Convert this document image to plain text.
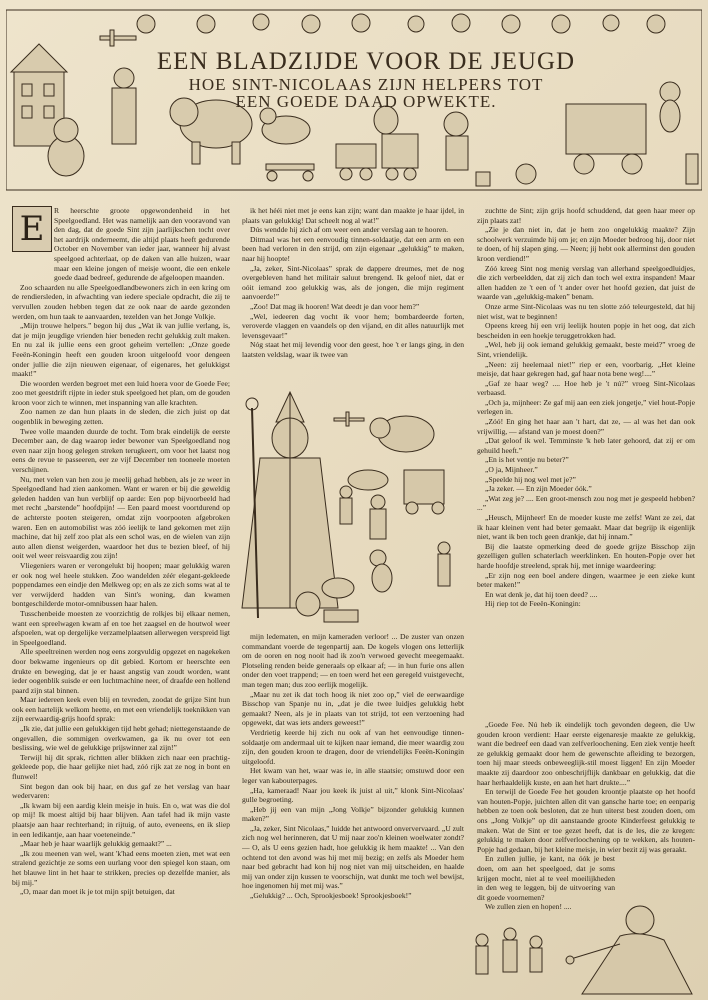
EEN BLADZIJDE VOOR DE JEUGD
HOE SINT-NICOLAAS ZIJN HELPERS TOT
EEN GOEDE DAAD OPWEKTE.
E	R heerschte groote opgewondenheid in het Speelgoedland. Het was namelijk aan den vooravond van den dag, dat de goede Sint zijn jaarlijkschen tocht over het aardrijk onderneemt, die altijd plaats heeft gedurende October en November van ieder jaar, wanneer hij alvast speelgoed achterlaat, op de daken van alle huizen, waar maar een kleine jongen of meisje woont, die een enkele goede daad bedreef, gedurende de afgeloopen maanden.

Zoo schaarden nu alle Speelgoedlandbewoners zich in een kring om de rendiersleden, in afwachting van iedere speciale opdracht, die zij te vervullen zouden hebben tegen dat ze ook naar de aarde gezonden werden, om hun taak te aanvaarden, tezelden van het Jonge Volkje.

„Mijn trouwe helpers.” begon hij dus „Wat ik van jullie verlang, is, dat je mijn jeugdige vrienden hier beneden recht gelukkig zult maken. En nu zal ik jullie eens een groot geheim vertellen: „Onze goede Feeën-Koningin heeft een gouden kroon uitgeloofd voor dengeen onder jullie die zijn nieuwen eigenaar, of eigenares, het gelukkigst maakt!”

Die woorden werden begroet met een luid hoera voor de Goede Fee; zoo met geestdrift rijpte in ieder stuk speelgoed het plan, om de gouden kroon voor zich te winnen, met inspanning van alle krachten.

Zoo namen ze dan hun plaats in de sleden, die zich juist op dat oogenblik in beweging zetten.

Twee volle maanden duurde de tocht. Tom brak eindelijk de eerste December aan, de dag waarop ieder bewoner van Speelgoedland nog even naar zijn hoog gelegen streken terugkeert, om voor het laatst nog eens de revue te passeeren, eer ze vijf December ten tooneele moeten verschijnen.

Nu, met velen van hen zou je meelij gehad hebben, als je ze weer in Speelgoedland had zien aankomen. Want er waren er bij die geweldig geleden hadden van hun verblijf op aarde: Een pop bijvoorbeeld had met recht „barstende” hoofdpijn! — Een paard moest voortdurend op de achterste pooten steigeren, omdat zijn voorpooten afgebroken waren. Een en automobilist was zóó ieelijk te land gekomen met zijn machine, dat hij zelf zoo plat als een schol was, en de wielen van zijn auto allen dienst weigerden, waardoor het dus te bezien bleef, of hij ooit wel weer reisvaardig zou zijn!

Vliegeniers waren er verongelukt bij hoopen; maar gelukkig waren er ook nog wel heele stukken. Zoo wandelden zéér elegant-gekleede poppendames een eindje den Melkweg op; en als ze zich soms wat al te ver verwijderd hadden van Sint's woning, dan kwamen bontgeschilderde motor-omnibussen haar halen.

Tusschenbeide moesten ze voorzichtig de rolkjes bij elkaar nemen, want een spreelwagen kwam af en toe het zaagsel en de houtwol weer afspoelen, wat op dergelijke verzamelplaatsen allerwegen verspreid ligt in Speelgoedland.

Alle speeltreinen werden nog eens zorgvuldig opgezet en nagekeken door bekwame ingenieurs op dit gebied. Kortom er heerschte een drukte en beweging, dat je er haast angstig van zoudt worden, want ieder oogenblik suisde er een luchtmachine neer, of draafde een hollend paard zijn stal binnen.

Maar iedereen keek even blij en tevreden, zoodat de grijze Sint hun ook een hartelijk welkom heette, en met een vriendelijk toeknikken van zijn eerwaardig-grijs hoofd sprak:

„Ik zie, dat jullie een gelukkigen tijd hebt gehad; niettegenstaande de ongevallen, die sommigen overkwamen, ga ik nu over tot een beslissing, wie wel de gelukkige prijswinner zal zijn!”

Terwijl hij dit sprak, richtten aller blikken zich naar een prachtig-gekleede pop, die haar gelijke niet had, zóó rijk zat ze nog in bont en flunwel!

Sint begon dan ook bij haar, en dus gaf ze het verslag van haar wedervaren:

„Ik kwam bij een aardig klein meisje in huis. En o, wat was die dol op mij! Ik moest altijd bij haar blijven. Aan tafel had ik mijn vaste plaatsje aan haar rechterhand; in rijtuig, of auto, eveneens, en ik sliep in een ledikantje, aan haar voeteneinde.”

„Maar heb je haar waarlijk gelukkig gemaakt?” ...

„Ik zou meenen van wel, want 'k'had eens moeten zien, met wat een stralend gezichtje ze soms een uurlang voor den spiegel kon staan, om het blauwe lint in het haar te strikken, precies op dezelfde manier, als bij mij.”

„O, maar dan moet ik je tot mijn spijt betuigen, dat

ik het hééi niet met je eens kan zijn; want dan maakte je haar ijdel, in plaats van gelukkig! Dat scheelt nog al wat!”

Dús wendde hij zich af om weer een ander verslag aan te hooren.

Ditmaal was het een eenvoudig tinnen-soldaatje, dat een arm en een been had verloren in den strijd, om zijn eigenaar „gelukkig” te maken, naar hij hoopte!

„Ja, zeker, Sint-Nicolaas” sprak de dappere dreumes, met de nog overgebleven hand het militair saluut brengend. Ik geloof niet, dat er oóit iemand zoo gelukkig was, als de jongen, die mijn regiment aanvoerde!”

„Zoo! Dat mag ik hooren! Wat deedt je dan voor hem?”

„Wel, iedeeren dag vocht ik voor hem; bombardeerde forten, veroverde vlaggen en vaandels op den vijand, en dit alles natuurlijk met levensgevaar!”

Nóg staat het mij levendig voor den geest, hoe 't er langs ging, in den laatsten veldslag, waar ik twee van

mijn ledematen, en mijn kameraden verloor! ... De zuster van onzen commandant voerde de tegenpartij aan. De kogels vlogen ons letterlijk om de ooren en nog nooit had ik zoo'n verwoed gevecht meegemaakt. Plotseling renden beide generaals op elkaar af; — in hun furie ons allen onder den voet trappend; — en toen werd het een geregeld vuistgevecht, man tegen man; dus zoo eerlijk mogelijk.

„Maar nu zet ik dat toch hoog ik niet zoo op,” viel de eerwaardige Bisschop van Spanje nu in, „dat je die twee luidjes gelukkig hebt gemaakt? Neen, als je in plaats van tot strijd, tot een verzoening had opgewekt, dat was iets anders geweest!”

Verdrietig keerde hij zich nu ook af van het eenvoudige tinnen-soldaatje om andermaal uit te kijken naar iemand, die meer waardig zou zijn, den gouden kroon te dragen, door de vriendelijks Feeën-Koningin uitgeloofd.

Het kwam van het, waar was ie, in alle staatsie; omstuwd door een leger van kabouterpages.

„Ha, kameraad! Naar jou keek ik juist al uit,” klonk Sint-Nicolaas' gulle begroeting.

„Heb jij een van mijn „Jong Volkje” bijzonder gelukkig kunnen maken?”

„Ja, zeker, Sint Nicolaas,” luidde het antwoord onververvaard. „U zult zich nog wel herinneren, dat U mij naar zoo'n kleinen woelwater zondt? — O, als U eens gezien hadt, hoe gelukkig ik hem maakte! ... Van den ochtend tot den avond was hij met mij bezig; en zelfs als Moeder hem naar bed gebracht had kon hij nog niet van mij uitscheiden, en haalde mij van onder zijn kussen te voorschijn, wat dunkt me toch wel bewijst, hoe ingenomen hij met mij was.”

„Gelukkig? ... Och, Sprookjesboek! Sprookjesboek!”

zuchtte de Sint; zijn grijs hoofd schuddend, dat geen haar meer op zijn plaats zat!

„Zie je dan niet in, dat je hem zoo ongelukkig maakte? Zijn schoolwerk verzuimde hij om je; en zijn Moeder bedroog hij, door niet te doen, of hij slapen ging. — Neen; jij hebt ook allerminst den gouden kroon verdiend!”

Zóó kreeg Sint nog menig verslag van allerhand speelgoedluidjes, die zich verbeeldden, dat zij zich dan toch wel extra inspanden! Maar allen hadden ze 't een of 't ander over het hoofd gezien, dat juist de waarde van „gelukkig-maken” benam.

Onze arme Sint-Nicolaas was nu ten slotte zóó teleurgesteld, dat hij niet wist, wat te beginnen!

Opeens kreeg hij een vrij leelijk houten popje in het oog, dat zich bescheiden in een hoekje teruggetrokken had.

„Wel, heb jij ook iemand gelukkig gemaakt, beste meid?” vroeg de Sint, vriendelijk.

„Neen: zij heelemaal niet!” riep er een, voorbarig. „Het kleine meisje, dat haar gekregen had, gaf haar nota bene weg!....”

„Gaf ze haar weg? .... Hoe heb je 't nú?” vroeg Sint-Nicolaas verbaasd.

„Och ja, mijnheer: Ze gaf mij aan een ziek jongetje,” viel hout-Popje verlegen in.

„Zóó! En ging het haar aan 't hart, dat ze, — al was het dan ook vrijwillig, — afstand van je moest doen?”

„Dat geloof ik wel. Temminste 'k heb later gehoord, dat zij er om gehuild heeft.”

„En is het ventje nu beter?”

„O ja, Mijnheer.”

„Speelde hij nog wel met je?”

„Ja zeker. — En zijn Moeder óók.”

„Wat zeg je? .... Een groot-mensch zou nog met je gespeeld hebben? ...”

„Heusch, Mijnheer! En de moeder kuste me zelfs! Want ze zei, dat ik haar kleinen vent had beter gemaakt. Maar dat begrijp ik eigenlijk niet, want ik ben toch geen drankje, dat hij innam.”

Bij die laatste opmerking deed de goede grijze Bisschop zijn gezelligen gullen schaterlach weerklinken. En houten-Popje over het harde hoofdje streelend, sprak hij, met innige waardeering:

„Er zijn nog een boel andere dingen, waarmee je een zieke kunt beter maken!”

En wat denk je, dat hij toen deed? ....

Hij riep tot de Feeën-Koningin:

„Goede Fee. Nú heb ik eindelijk toch gevonden degeen, die Uw gouden kroon verdient: Haar eerste eigenaresje maakte ze gelukkig, want die bedreef een daad van zelfverloochening. Een ziek ventje heeft ze gelukkig gemaakt door hem de gewenschte afleiding te bezorgen, toen hij maar steeds onbeweeglijk-stil moest liggen! En zijn Moeder maakte zij daardoor zoo onbeschrijflijk dankbaar en gelukkig, dat die haar herhaaldelijk kuste, en aan het hart drukte....”

En terwijl de Goede Fee het gouden kroontje plaatste op het hoofd van houten-Popje, juichten allen dit van gansche harte toe; en eenparig hebben ze toen ook besloten, dat ze hun uiterst best zouden doen, om ons „Jong Volkje” op dit aanstaande groote Kinderfeest gelukkig te maken. Wat de Sint er toe gezet heeft, dat is de les, die ze kregen: gelukkig te maken door zelfverloochening op te wekken, als houten-Popje had gedaan, bij het kleine meisje, in wier bezit zij was geraakt.

En zullen jullie, je kant, na óók je best doen, om aan het speelgoed, dat je soms krijgen mocht, niet al te veel moeilijkheden in den weg te leggen, bij de uitvoering van dit goede voornemen?

We zullen zien en hopen! ....
